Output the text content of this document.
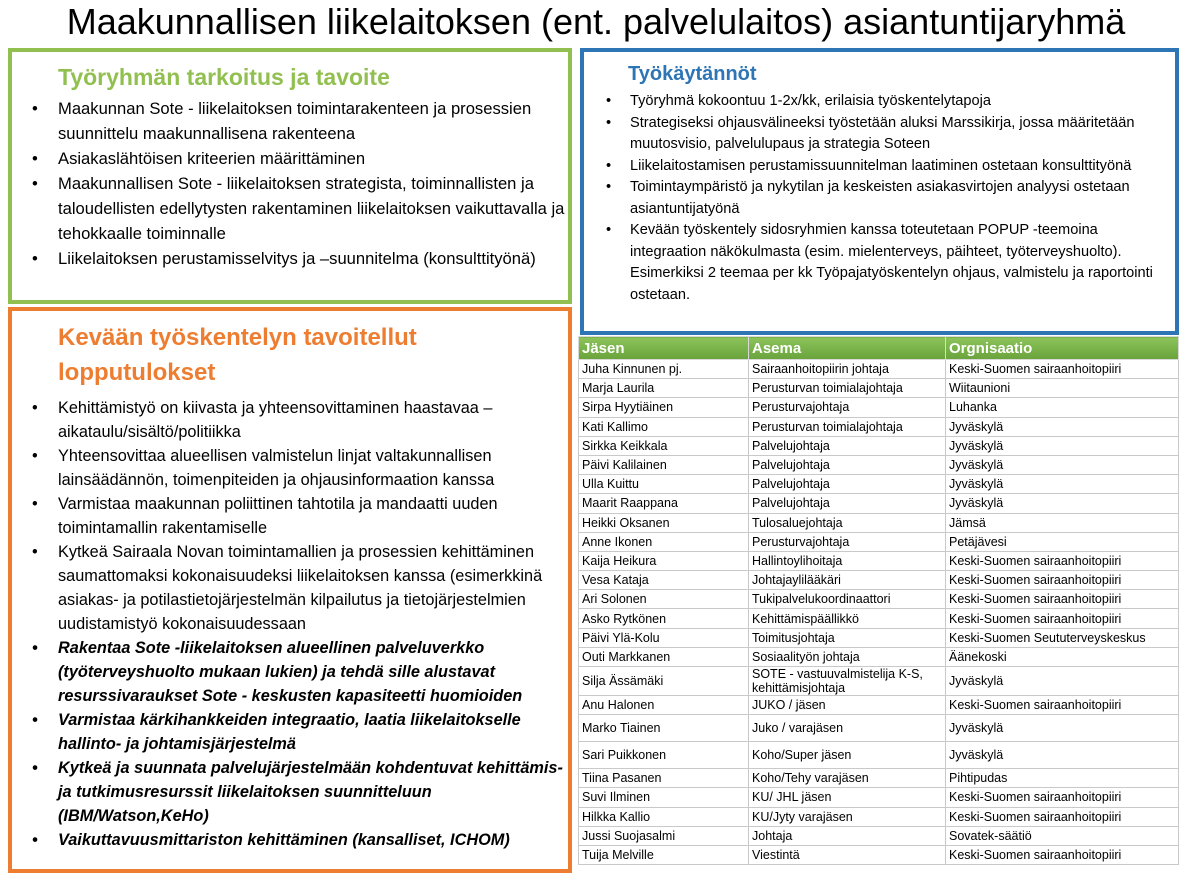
Maakunnallisen liikelaitoksen (ent. palvelulaitos) asiantuntijaryhmä
Työryhmän tarkoitus ja tavoite
• Maakunnan Sote - liikelaitoksen toimintarakenteen ja prosessien suunnittelu maakunnallisena rakenteena
• Asiakaslähtöisen kriteerien määrittäminen
• Maakunnallisen Sote - liikelaitoksen strategista, toiminnallisten ja taloudellisten edellytysten rakentaminen liikelaitoksen vaikuttavalla ja tehokkaalle toiminnalle
• Liikelaitoksen perustamisselvitys ja –suunnitelma (konsulttityönä)
Kevään työskentelyn tavoitellut lopputulokset
• Kehittämistyö on kiivasta ja yhteensovittaminen haastavaa – aikataulu/sisältö/politiikka
• Yhteensovittaa alueellisen valmistelun linjat valtakunnallisen lainsäädännön, toimenpiteiden ja ohjausinformaation kanssa
• Varmistaa maakunnan poliittinen tahtotila ja mandaatti uuden toimintamallin rakentamiselle
• Kytkeä Sairaala Novan toimintamallien ja prosessien kehittäminen saumattomaksi kokonaisuudeksi liikelaitoksen kanssa (esimerkkinä asiakas- ja potilastietojärjestelmän kilpailutus ja tietojärjestelmien uudistamistyö kokonaisuudessaan
• Rakentaa Sote -liikelaitoksen alueellinen palveluverkko (työterveyshuolto mukaan lukien) ja tehdä sille alustavat resurssivaraukset Sote - keskusten kapasiteetti huomioiden
• Varmistaa kärkihankkeiden integraatio, laatia liikelaitokselle hallinto- ja johtamisjärjestelmä
• Kytkeä ja suunnata palvelujärjestelmään kohdentuvat kehittämis- ja tutkimusresurssit liikelaitoksen suunnitteluun (IBM/Watson,KeHo)
• Vaikuttavuusmittariston kehittäminen (kansalliset, ICHOM)
Työkäytännöt
• Työryhmä kokoontuu 1-2x/kk, erilaisia työskentelytapoja
• Strategiseksi ohjausvälineeksi työstetään aluksi Marssikirja, jossa määritetään muutosvisio, palvelulupaus ja strategia Soteen
• Liikelaitostamisen perustamissuunnitelman laatiminen ostetaan konsulttityönä
• Toimintaympäristö ja nykytilan ja keskeisten asiakasvirtojen analyysi ostetaan asiantuntijatyönä
• Kevään työskentely sidosryhmien kanssa toteutetaan POPUP -teemoina integraation näkökulmasta (esim. mielenterveys, päihteet, työterveyshuolto). Esimerkiksi 2 teemaa per kk Työpajatyöskentelyn ohjaus, valmistelu ja raportointi ostetaan.
Jäsen	Asema	Orgnisaatio
Juha Kinnunen pj.	Sairaanhoitopiirin johtaja	Keski-Suomen sairaanhoitopiiri
Marja Laurila	Perusturvan toimialajohtaja	Wiitaunioni
Sirpa Hyytiäinen	Perusturvajohtaja	Luhanka
Kati Kallimo	Perusturvan toimialajohtaja	Jyväskylä
Sirkka Keikkala	Palvelujohtaja	Jyväskylä
Päivi Kalilainen	Palvelujohtaja	Jyväskylä
Ulla Kuittu	Palvelujohtaja	Jyväskylä
Maarit Raappana	Palvelujohtaja	Jyväskylä
Heikki Oksanen	Tulosaluejohtaja	Jämsä
Anne Ikonen	Perusturvajohtaja	Petäjävesi
Kaija Heikura	Hallintoylihoitaja	Keski-Suomen sairaanhoitopiiri
Vesa Kataja	Johtajaylilääkäri	Keski-Suomen sairaanhoitopiiri
Ari Solonen	Tukipalvelukoordinaattori	Keski-Suomen sairaanhoitopiiri
Asko Rytkönen	Kehittämispäällikkö	Keski-Suomen sairaanhoitopiiri
Päivi Ylä-Kolu	Toimitusjohtaja	Keski-Suomen Seututerveyskeskus
Outi Markkanen	Sosiaalityön johtaja	Äänekoski
Silja Ässämäki	SOTE - vastuuvalmistelija K-S, kehittämisjohtaja	Jyväskylä
Anu Halonen	JUKO / jäsen	Keski-Suomen sairaanhoitopiiri
Marko Tiainen	Juko / varajäsen	Jyväskylä
Sari Puikkonen	Koho/Super jäsen	Jyväskylä
Tiina Pasanen	Koho/Tehy varajäsen	Pihtipudas
Suvi Ilminen	KU/ JHL jäsen	Keski-Suomen sairaanhoitopiiri
Hilkka Kallio	KU/Jyty varajäsen	Keski-Suomen sairaanhoitopiiri
Jussi Suojasalmi	Johtaja	Sovatek-säätiö
Tuija Melville	Viestintä	Keski-Suomen sairaanhoitopiiri
